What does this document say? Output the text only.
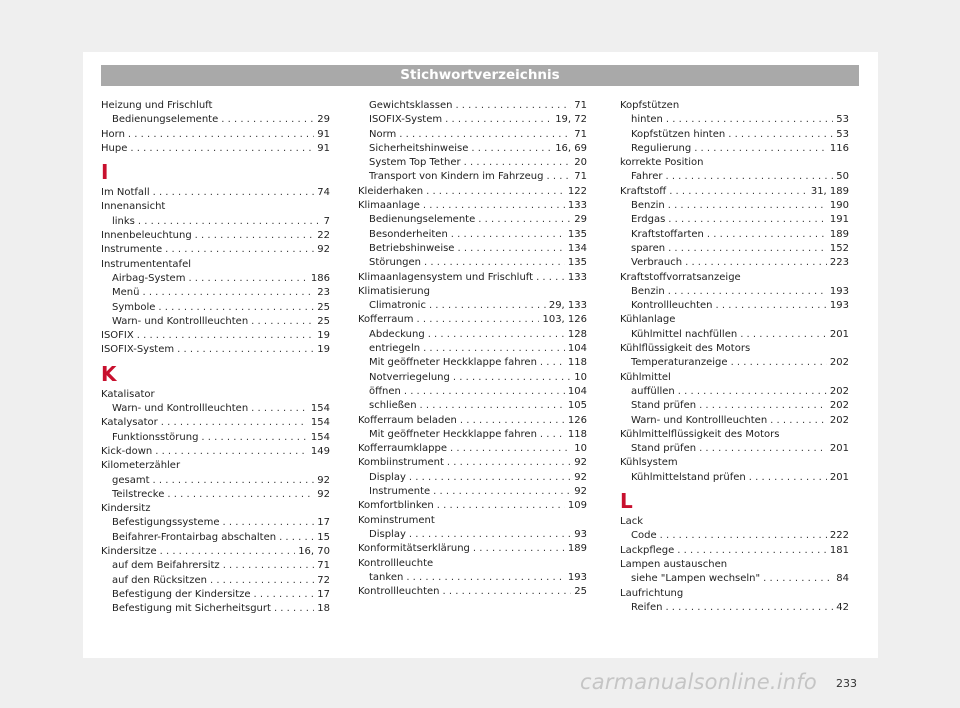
Stichwortverzeichnis
Heizung und Frischluft
Bedienungselemente . . .	29
Horn . . .	91
Hupe . . .	91
I
Im Notfall . . .	74
Innenansicht
links . . .	7
Innenbeleuchtung . . .	22
Instrumente . . .	92
Instrumententafel
Airbag-System . . .	186
Menü . . .	23
Symbole . . .	25
Warn- und Kontrollleuchten . . .	25
ISOFIX . . .	19
ISOFIX-System . . .	19
K
Katalisator
Warn- und Kontrollleuchten . . .	154
Katalysator . . .	154
Funktionsstörung . . .	154
Kick-down . . .	149
Kilometerzähler
gesamt . . .	92
Teilstrecke . . .	92
Kindersitz
Befestigungssysteme . . .	17
Beifahrer-Frontairbag abschalten . . .	15
Kindersitze . . .	16, 70
auf dem Beifahrersitz . . .	71
auf den Rücksitzen . . .	72
Befestigung der Kindersitze . . .	17
Befestigung mit Sicherheitsgurt . . .	18
Gewichtsklassen . . .	71
ISOFIX-System . . .	19, 72
Norm . . .	71
Sicherheitshinweise . . .	16, 69
System Top Tether . . .	20
Transport von Kindern im Fahrzeug . . .	71
Kleiderhaken . . .	122
Klimaanlage . . .	133
Bedienungselemente . . .	29
Besonderheiten . . .	135
Betriebshinweise . . .	134
Störungen . . .	135
Klimaanlagensystem und Frischluft . . .	133
Klimatisierung
Climatronic . . .	29, 133
Kofferraum . . .	103, 126
Abdeckung . . .	128
entriegeln . . .	104
Mit geöffneter Heckklappe fahren . . .	118
Notverriegelung . . .	10
öffnen . . .	104
schließen . . .	105
Kofferraum beladen . . .	126
Mit geöffneter Heckklappe fahren . . .	118
Kofferraumklappe . . .	10
Kombiinstrument . . .	92
Display . . .	92
Instrumente . . .	92
Komfortblinken . . .	109
Kominstrument
Display . . .	93
Konformitätserklärung . . .	189
Kontrollleuchte
tanken . . .	193
Kontrollleuchten . . .	25
Kopfstützen
hinten . . .	53
Kopfstützen hinten . . .	53
Regulierung . . .	116
korrekte Position
Fahrer . . .	50
Kraftstoff . . .	31, 189
Benzin . . .	190
Erdgas . . .	191
Kraftstoffarten . . .	189
sparen . . .	152
Verbrauch . . .	223
Kraftstoffvorratsanzeige
Benzin . . .	193
Kontrollleuchten . . .	193
Kühlanlage
Kühlmittel nachfüllen . . .	201
Kühlflüssigkeit des Motors
Temperaturanzeige . . .	202
Kühlmittel
auffüllen . . .	202
Stand prüfen . . .	202
Warn- und Kontrollleuchten . . .	202
Kühlmittelflüssigkeit des Motors
Stand prüfen . . .	201
Kühlsystem
Kühlmittelstand prüfen . . .	201
L
Lack
Code . . .	222
Lackpflege . . .	181
Lampen austauschen
siehe "Lampen wechseln" . . .	84
Laufrichtung
Reifen . . .	42
carmanualsonline.info 233
